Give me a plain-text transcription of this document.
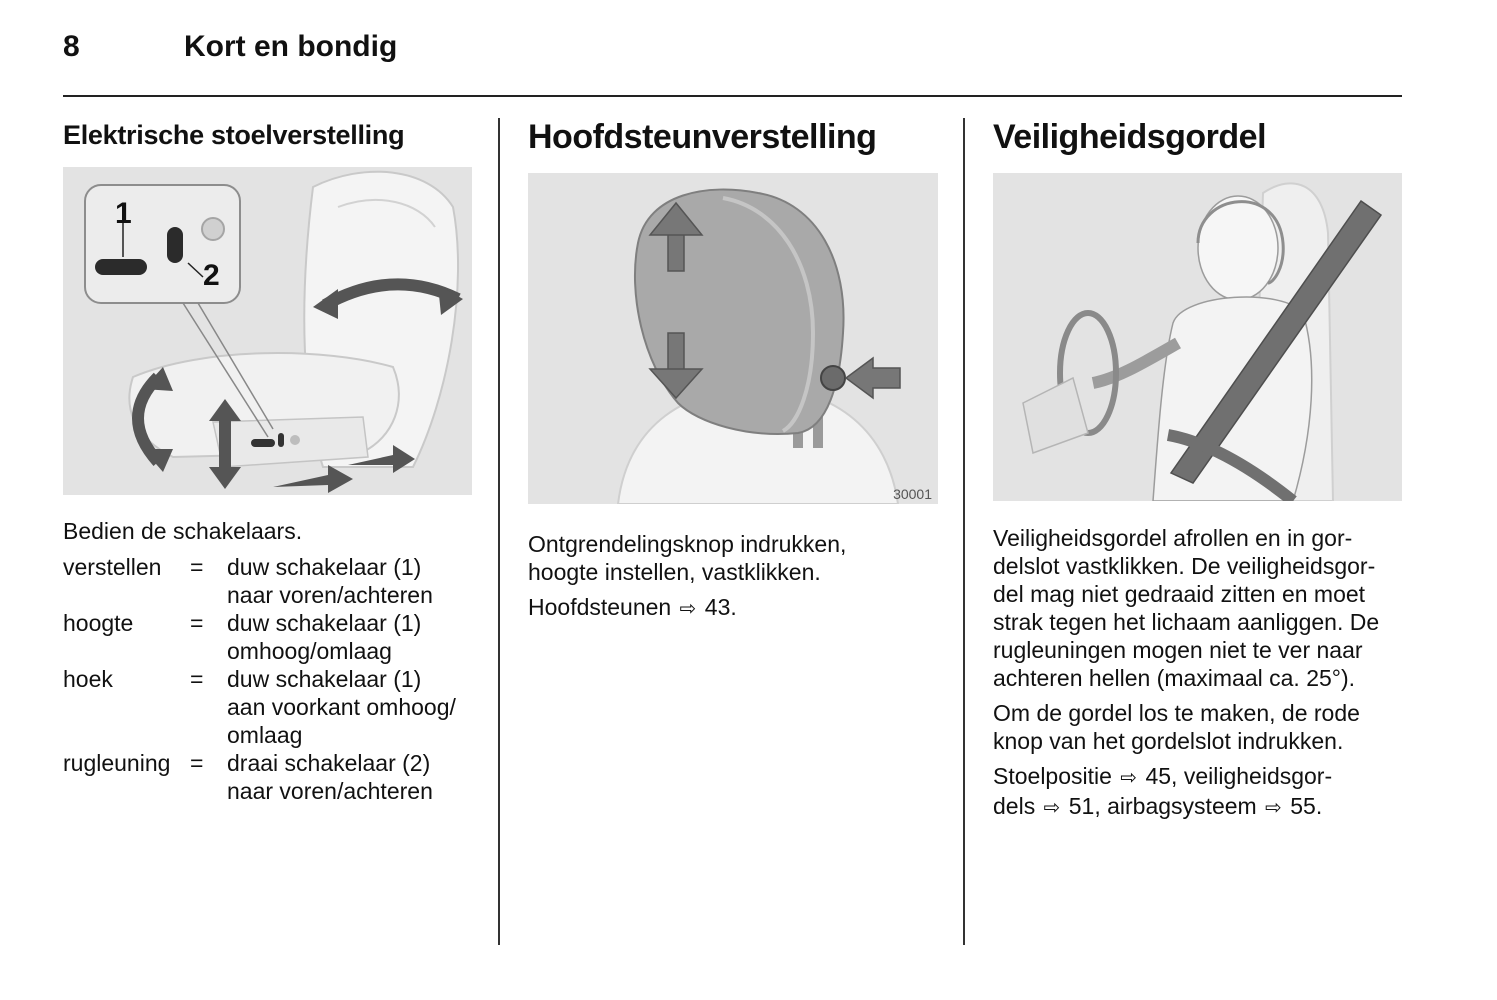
8	Kort en bondig
Elektrische stoelverstelling
1
2
Bedien de schakelaars.
verstellen	=	duw schakelaar (1)
naar voren/achteren

hoogte	=	duw schakelaar (1)
omhoog/omlaag

hoek	=	duw schakelaar (1)
aan voorkant omhoog/
omlaag

rugleuning	=	draai schakelaar (2)
naar voren/achteren
Hoofdsteunverstelling
30001

Ontgrendelingsknop indrukken,

hoogte instellen, vastklikken.

Hoofdsteunen ⇨ 43.
Veiligheidsgordel

Veiligheidsgordel afrollen en in gor-

delslot vastklikken. De veiligheidsgor-

del mag niet gedraaid zitten en moet

strak tegen het lichaam aanliggen. De

rugleuningen mogen niet te ver naar

achteren hellen (maximaal ca. 25°).

Om de gordel los te maken, de rode

knop van het gordelslot indrukken.

Stoelpositie ⇨ 45, veiligheidsgor-

dels ⇨ 51, airbagsysteem ⇨ 55.
